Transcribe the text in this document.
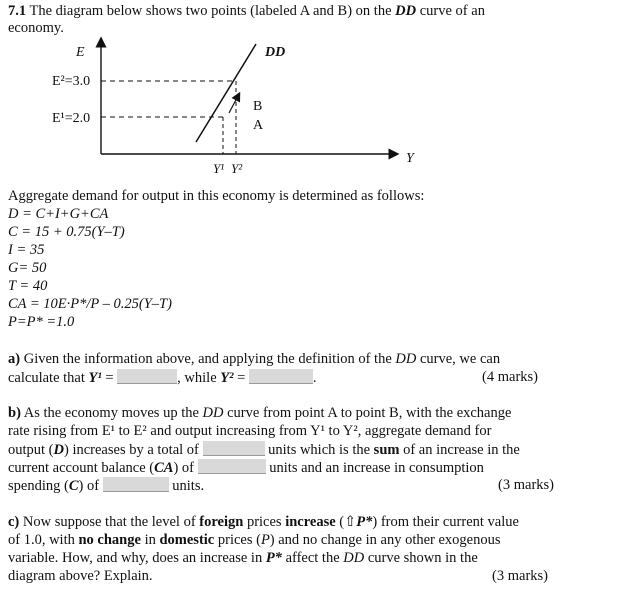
7.1 The diagram below shows two points (labeled A and B) on the DD curve of an
economy.
E
Y
DD
E²=3.0
E¹=2.0
Y¹ Y²
B
A
Aggregate demand for output in this economy is determined as follows:
D = C+I+G+CA
C = 15 + 0.75(Y–T)
I = 35
G= 50
T = 40
CA = 10E·P*/P – 0.25(Y–T)
P=P* =1.0
a) Given the information above, and applying the definition of the DD curve, we can
calculate that Y¹ =	, while Y² =	.	(4 marks)
b) As the economy moves up the DD curve from point A to point B, with the exchange
rate rising from E¹ to E² and output increasing from Y¹ to Y², aggregate demand for
output (D) increases by a total of	units which is the sum of an increase in the
current account balance (CA) of	units and an increase in consumption
spending (C) of	units.	(3 marks)
c) Now suppose that the level of foreign prices increase (⇧P*) from their current value
of 1.0, with no change in domestic prices (P) and no change in any other exogenous
variable. How, and why, does an increase in P* affect the DD curve shown in the
diagram above? Explain.	(3 marks)
